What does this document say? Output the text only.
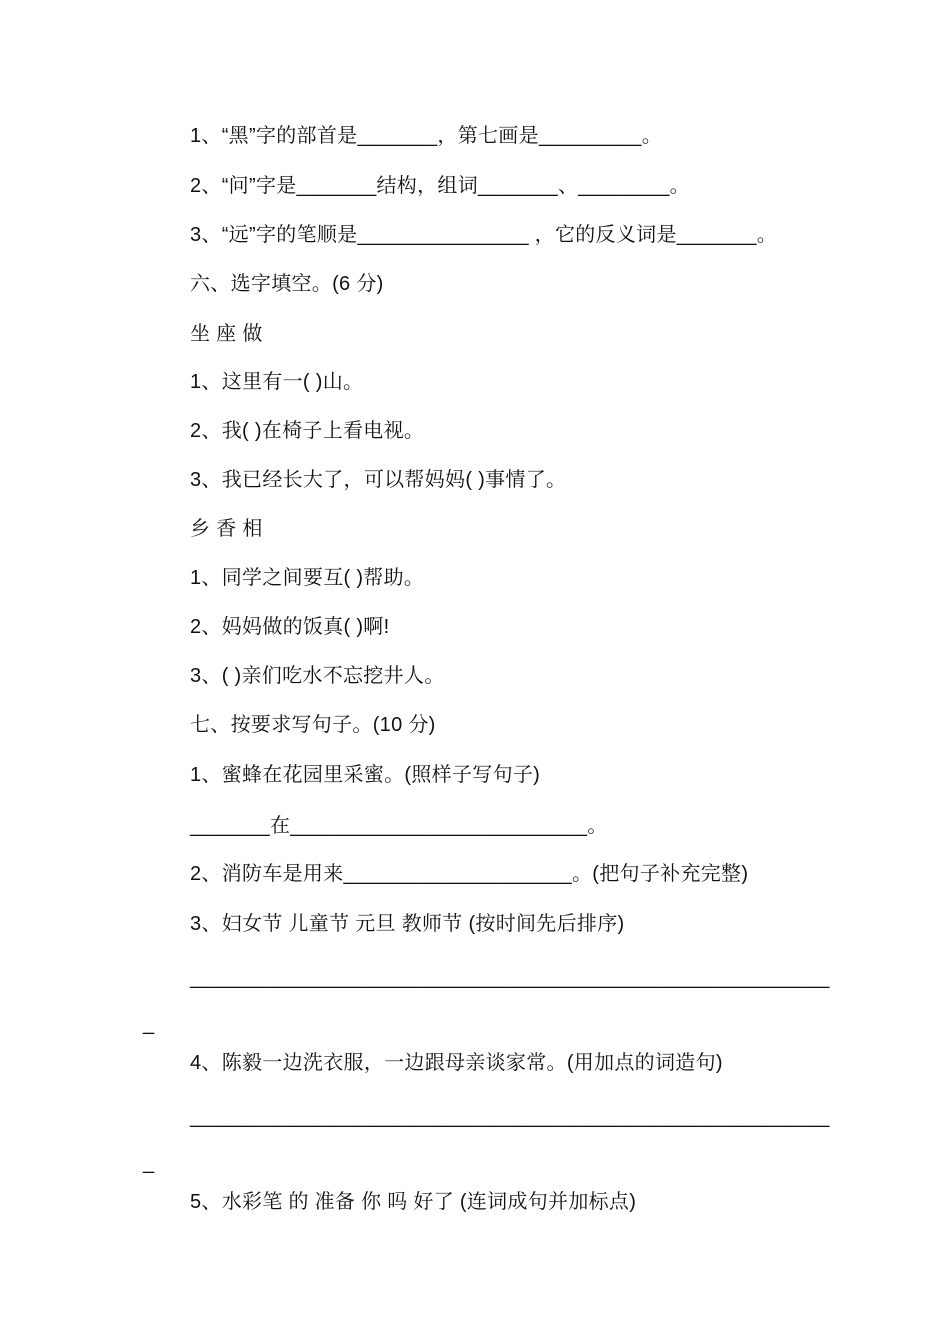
1、“黑”字的部首是_______，第七画是_________。
2、“问”字是_______结构，组词_______、________。
3、“远”字的笔顺是_______________ ，它的反义词是_______。
六、选字填空。(6 分)
坐 座 做
1、这里有一( )山。
2、我( )在椅子上看电视。
3、我已经长大了，可以帮妈妈( )事情了。
乡 香 相
1、同学之间要互( )帮助。
2、妈妈做的饭真( )啊!
3、( )亲们吃水不忘挖井人。
七、按要求写句子。(10 分)
1、蜜蜂在花园里采蜜。(照样子写句子)
_______在__________________________。
2、消防车是用来____________________。(把句子补充完整)
3、妇女节 儿童节 元旦 教师节 (按时间先后排序)
________________________________________________________
_
4、陈毅一边洗衣服，一边跟母亲谈家常。(用加点的词造句)
________________________________________________________
_
5、水彩笔 的 准备 你 吗 好了 (连词成句并加标点)
